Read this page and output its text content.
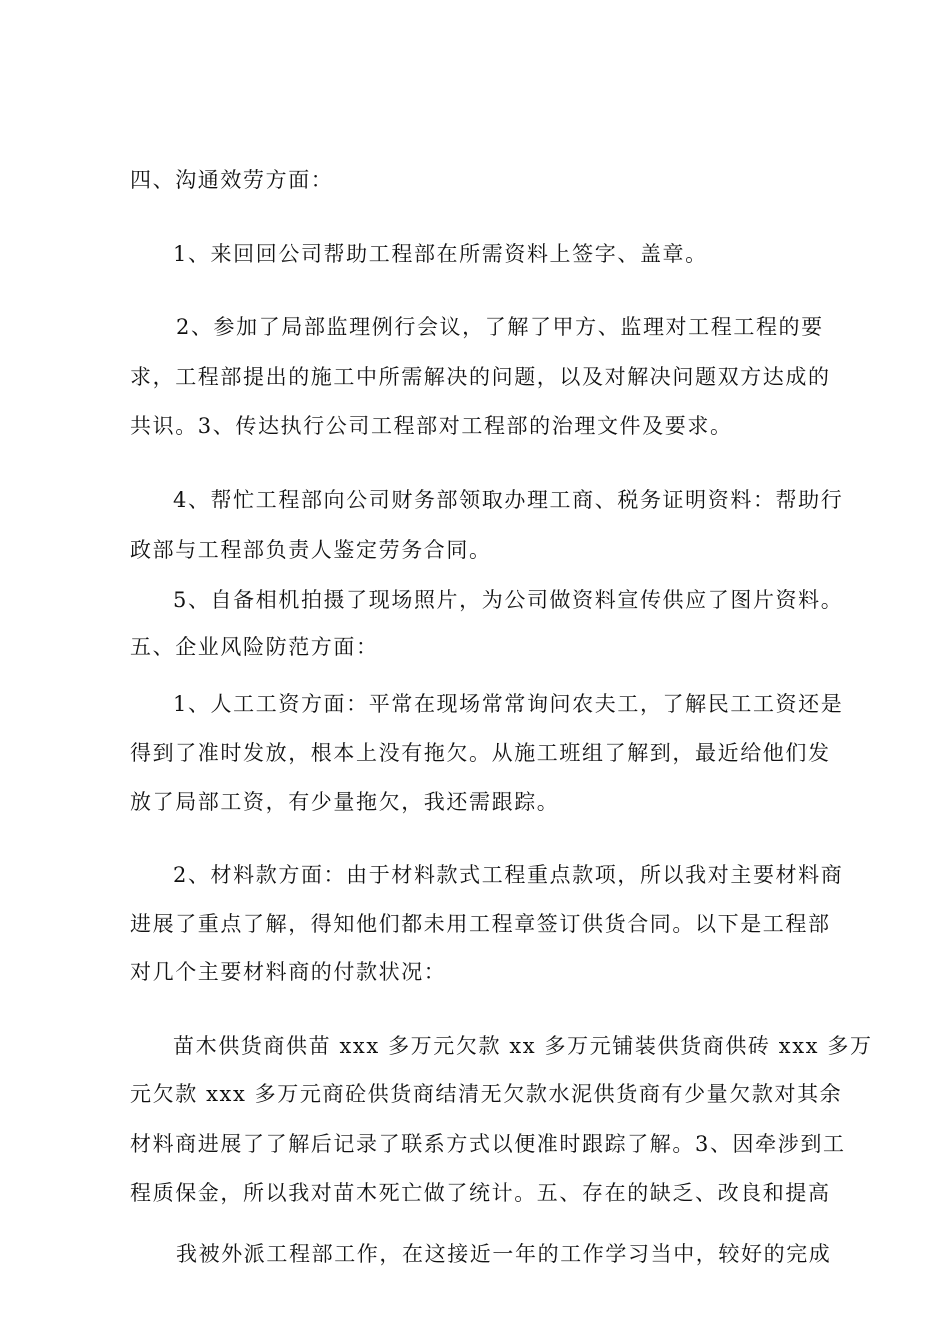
四、沟通效劳方面：
1、来回回公司帮助工程部在所需资料上签字、盖章。
2、参加了局部监理例行会议，了解了甲方、监理对工程工程的要
求，工程部提出的施工中所需解决的问题，以及对解决问题双方达成的
共识。3、传达执行公司工程部对工程部的治理文件及要求。
4、帮忙工程部向公司财务部领取办理工商、税务证明资料：帮助行
政部与工程部负责人鉴定劳务合同。
5、自备相机拍摄了现场照片，为公司做资料宣传供应了图片资料。
五、企业风险防范方面：
1、人工工资方面：平常在现场常常询问农夫工，了解民工工资还是
得到了准时发放，根本上没有拖欠。从施工班组了解到，最近给他们发
放了局部工资，有少量拖欠，我还需跟踪。
2、材料款方面：由于材料款式工程重点款项，所以我对主要材料商
进展了重点了解，得知他们都未用工程章签订供货合同。以下是工程部
对几个主要材料商的付款状况：
苗木供货商供苗 xxx 多万元欠款 xx 多万元铺装供货商供砖 xxx 多万
元欠款 xxx 多万元商砼供货商结清无欠款水泥供货商有少量欠款对其余
材料商进展了了解后记录了联系方式以便准时跟踪了解。3、因牵涉到工
程质保金，所以我对苗木死亡做了统计。五、存在的缺乏、改良和提高
我被外派工程部工作，在这接近一年的工作学习当中，较好的完成
